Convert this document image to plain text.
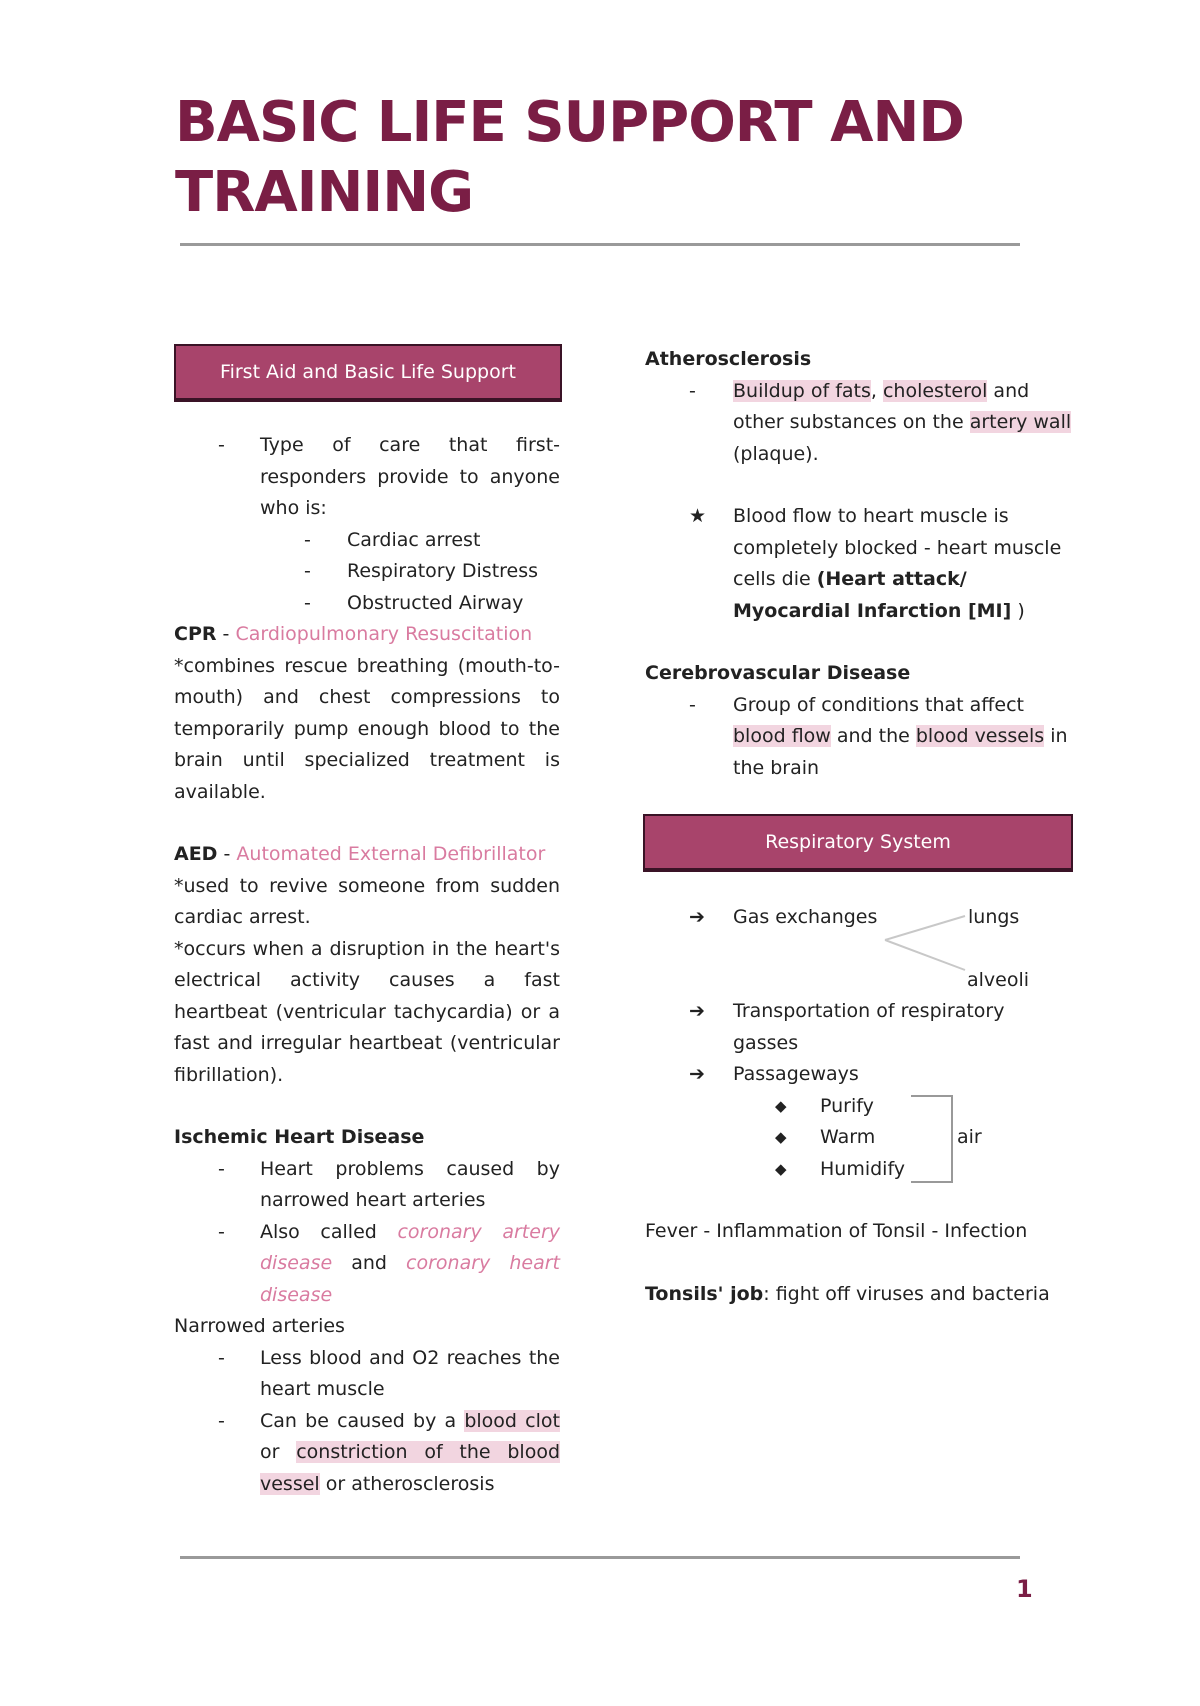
BASIC LIFE SUPPORT AND TRAINING
First Aid and Basic Life Support
- Type of care that first-responders provide to anyone who is:
- Cardiac arrest
- Respiratory Distress
- Obstructed Airway
CPR - Cardiopulmonary Resuscitation
*combines rescue breathing (mouth-to-mouth) and chest compressions to temporarily pump enough blood to the brain until specialized treatment is available.
AED - Automated External Defibrillator
*used to revive someone from sudden cardiac arrest.
*occurs when a disruption in the heart's electrical activity causes a fast heartbeat (ventricular tachycardia) or a fast and irregular heartbeat (ventricular fibrillation).
Ischemic Heart Disease
- Heart problems caused by narrowed heart arteries
- Also called coronary artery disease and coronary heart disease
Narrowed arteries
- Less blood and O2 reaches the heart muscle
- Can be caused by a blood clot or constriction of the blood vessel or atherosclerosis
Atherosclerosis
- Buildup of fats, cholesterol and other substances on the artery wall (plaque).
★ Blood flow to heart muscle is completely blocked - heart muscle cells die (Heart attack/ Myocardial Infarction [MI] )
Cerebrovascular Disease
- Group of conditions that affect blood flow and the blood vessels in the brain
Respiratory System
➔ Gas exchanges	lungs
alveoli
➔ Transportation of respiratory gasses
➔ Passageways
◆ Purify
◆ Warm
◆ Humidify
air
Fever - Inflammation of Tonsil - Infection
Tonsils' job: fight off viruses and bacteria
1
